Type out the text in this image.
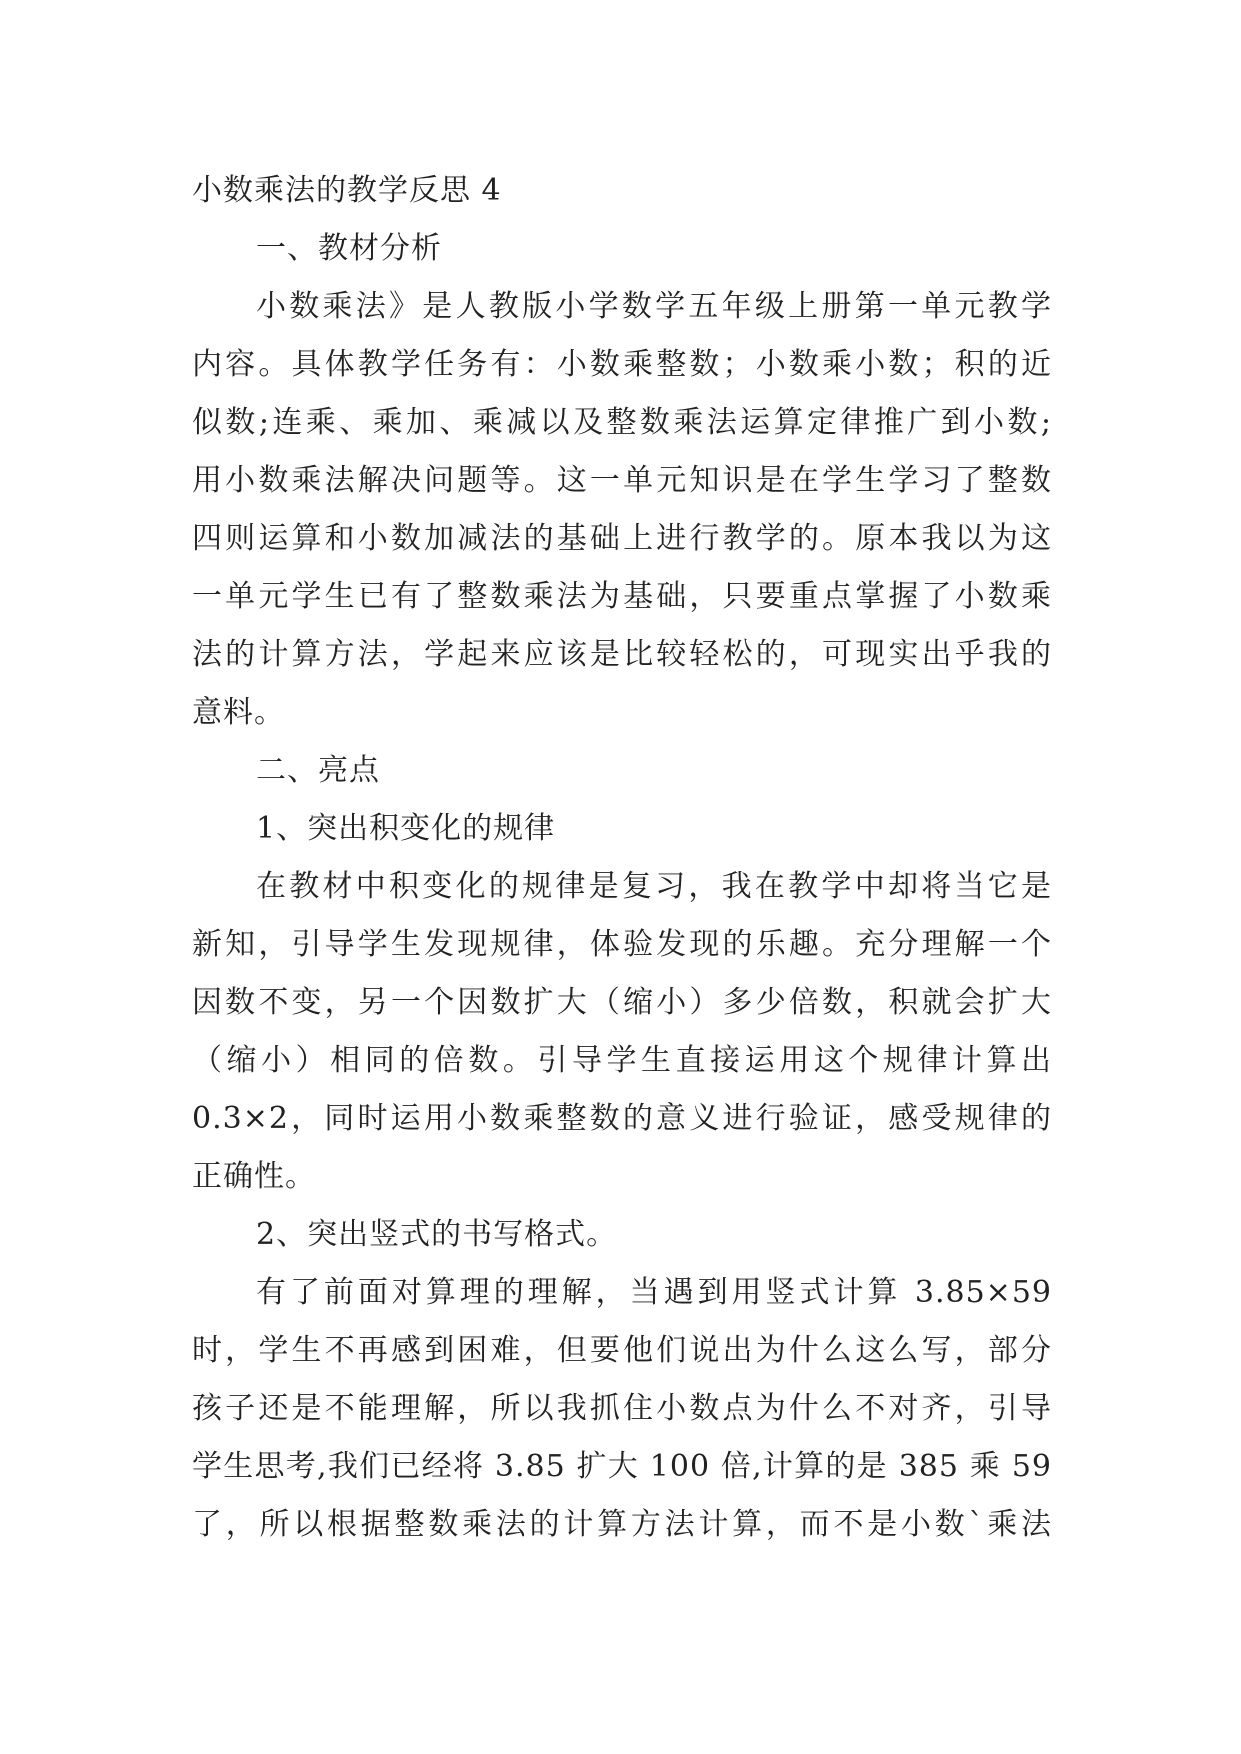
小数乘法的教学反思 4
一、教材分析
小数乘法》是人教版小学数学五年级上册第一单元教学
内容。具体教学任务有：小数乘整数；小数乘小数；积的近
似数;连乘、乘加、乘减以及整数乘法运算定律推广到小数;
用小数乘法解决问题等。这一单元知识是在学生学习了整数
四则运算和小数加减法的基础上进行教学的。原本我以为这
一单元学生已有了整数乘法为基础，只要重点掌握了小数乘
法的计算方法，学起来应该是比较轻松的，可现实出乎我的
意料。
二、亮点
1、突出积变化的规律
在教材中积变化的规律是复习，我在教学中却将当它是
新知，引导学生发现规律，体验发现的乐趣。充分理解一个
因数不变，另一个因数扩大（缩小）多少倍数，积就会扩大
（缩小）相同的倍数。引导学生直接运用这个规律计算出
0.3×2，同时运用小数乘整数的意义进行验证，感受规律的
正确性。
2、突出竖式的书写格式。
有了前面对算理的理解，当遇到用竖式计算 3.85×59
时，学生不再感到困难，但要他们说出为什么这么写，部分
孩子还是不能理解，所以我抓住小数点为什么不对齐，引导
学生思考,我们已经将 3.85 扩大 100 倍,计算的是 385 乘 59
了，所以根据整数乘法的计算方法计算，而不是小数`乘法
